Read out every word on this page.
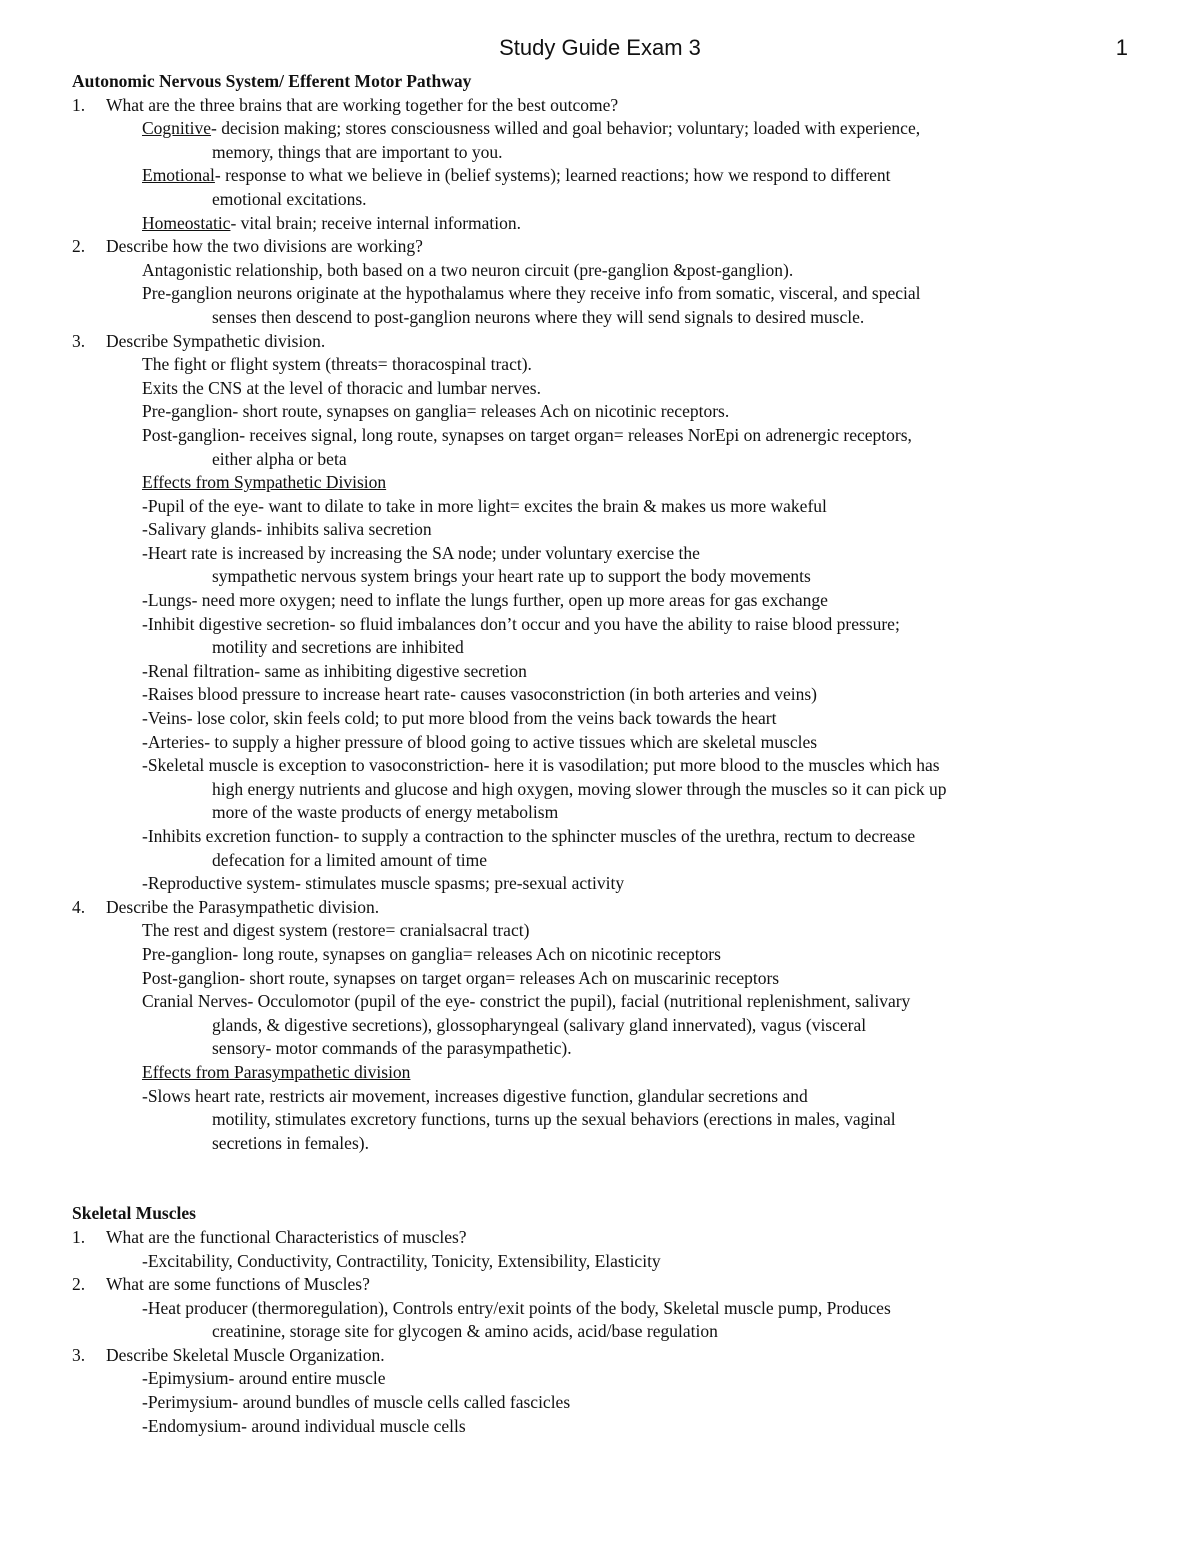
Study Guide Exam 3	1
Autonomic Nervous System/ Efferent Motor Pathway
1. What are the three brains that are working together for the best outcome?
Cognitive- decision making; stores consciousness willed and goal behavior; voluntary; loaded with experience,
memory, things that are important to you.
Emotional- response to what we believe in (belief systems); learned reactions; how we respond to different
emotional excitations.
Homeostatic- vital brain; receive internal information.
2. Describe how the two divisions are working?
Antagonistic relationship, both based on a two neuron circuit (pre-ganglion &post-ganglion).
Pre-ganglion neurons originate at the hypothalamus where they receive info from somatic, visceral, and special
senses then descend to post-ganglion neurons where they will send signals to desired muscle.
3. Describe Sympathetic division.
The fight or flight system (threats= thoracospinal tract).
Exits the CNS at the level of thoracic and lumbar nerves.
Pre-ganglion- short route, synapses on ganglia= releases Ach on nicotinic receptors.
Post-ganglion- receives signal, long route, synapses on target organ= releases NorEpi on adrenergic receptors,
either alpha or beta
Effects from Sympathetic Division
-Pupil of the eye- want to dilate to take in more light= excites the brain & makes us more wakeful
-Salivary glands- inhibits saliva secretion
-Heart rate is increased by increasing the SA node; under voluntary exercise the
sympathetic nervous system brings your heart rate up to support the body movements
-Lungs- need more oxygen; need to inflate the lungs further, open up more areas for gas exchange
-Inhibit digestive secretion- so fluid imbalances don’t occur and you have the ability to raise blood pressure;
motility and secretions are inhibited
-Renal filtration- same as inhibiting digestive secretion
-Raises blood pressure to increase heart rate- causes vasoconstriction (in both arteries and veins)
-Veins- lose color, skin feels cold; to put more blood from the veins back towards the heart
-Arteries- to supply a higher pressure of blood going to active tissues which are skeletal muscles
-Skeletal muscle is exception to vasoconstriction- here it is vasodilation; put more blood to the muscles which has
high energy nutrients and glucose and high oxygen, moving slower through the muscles so it can pick up
more of the waste products of energy metabolism
-Inhibits excretion function- to supply a contraction to the sphincter muscles of the urethra, rectum to decrease
defecation for a limited amount of time
-Reproductive system- stimulates muscle spasms; pre-sexual activity
4. Describe the Parasympathetic division.
The rest and digest system (restore= cranialsacral tract)
Pre-ganglion- long route, synapses on ganglia= releases Ach on nicotinic receptors
Post-ganglion- short route, synapses on target organ= releases Ach on muscarinic receptors
Cranial Nerves- Occulomotor (pupil of the eye- constrict the pupil), facial (nutritional replenishment, salivary
glands, & digestive secretions), glossopharyngeal (salivary gland innervated), vagus (visceral
sensory- motor commands of the parasympathetic).
Effects from Parasympathetic division
-Slows heart rate, restricts air movement, increases digestive function, glandular secretions and
motility, stimulates excretory functions, turns up the sexual behaviors (erections in males, vaginal
secretions in females).
Skeletal Muscles
1. What are the functional Characteristics of muscles?
-Excitability, Conductivity, Contractility, Tonicity, Extensibility, Elasticity
2. What are some functions of Muscles?
-Heat producer (thermoregulation), Controls entry/exit points of the body, Skeletal muscle pump, Produces
creatinine, storage site for glycogen & amino acids, acid/base regulation
3. Describe Skeletal Muscle Organization.
-Epimysium- around entire muscle
-Perimysium- around bundles of muscle cells called fascicles
-Endomysium- around individual muscle cells
